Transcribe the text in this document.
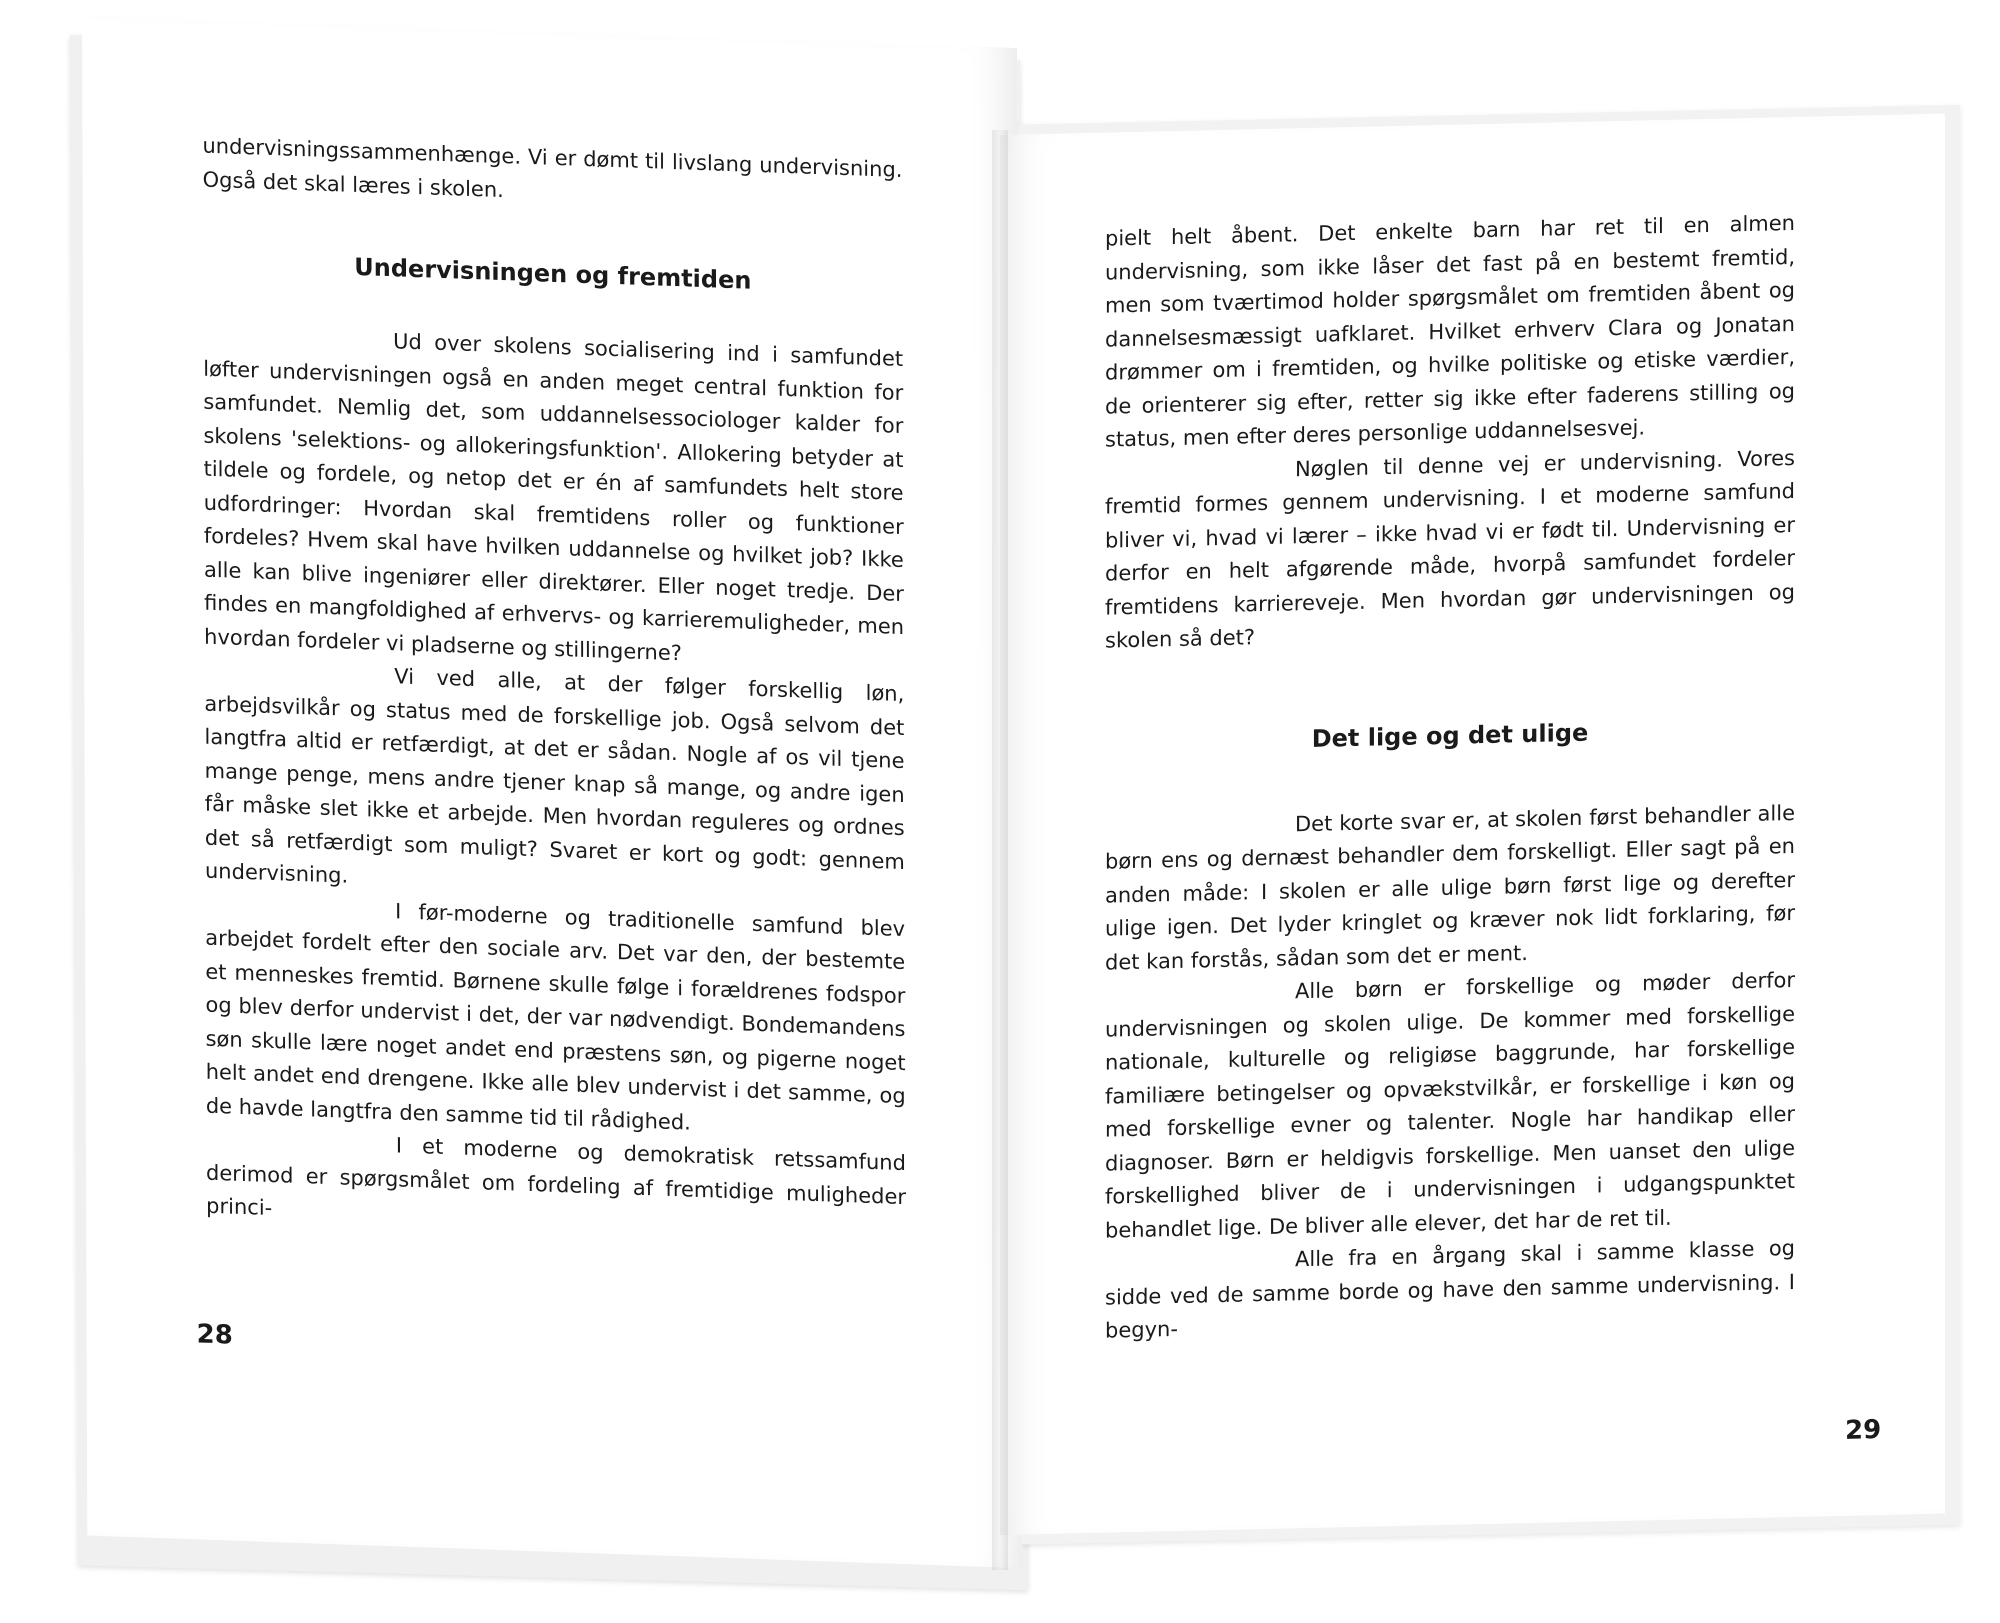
undervisningssammenhænge. Vi er dømt til livslang undervisning. Også det skal læres i skolen.

Undervisningen og fremtiden

Ud over skolens socialisering ind i samfundet løfter undervisningen også en anden meget central funktion for samfundet. Nemlig det, som uddannelsessociologer kalder for skolens 'selektions- og allokeringsfunktion'. Allokering betyder at tildele og fordele, og netop det er én af samfundets helt store udfordringer: Hvordan skal fremtidens roller og funktioner fordeles? Hvem skal have hvilken uddannelse og hvilket job? Ikke alle kan blive ingeniører eller direktører. Eller noget tredje. Der findes en mangfoldighed af erhvervs- og karrieremuligheder, men hvordan fordeler vi pladserne og stillingerne?

Vi ved alle, at der følger forskellig løn, arbejdsvilkår og status med de forskellige job. Også selvom det langtfra altid er retfærdigt, at det er sådan. Nogle af os vil tjene mange penge, mens andre tjener knap så mange, og andre igen får måske slet ikke et arbejde. Men hvordan reguleres og ordnes det så retfærdigt som muligt? Svaret er kort og godt: gennem undervisning.

I før-moderne og traditionelle samfund blev arbejdet fordelt efter den sociale arv. Det var den, der bestemte et menneskes fremtid. Børnene skulle følge i forældrenes fodspor og blev derfor undervist i det, der var nødvendigt. Bondemandens søn skulle lære noget andet end præstens søn, og pigerne noget helt andet end drengene. Ikke alle blev undervist i det samme, og de havde langtfra den samme tid til rådighed.

I et moderne og demokratisk retssamfund derimod er spørgsmålet om fordeling af fremtidige muligheder princi-

28

pielt helt åbent. Det enkelte barn har ret til en almen undervisning, som ikke låser det fast på en bestemt fremtid, men som tværtimod holder spørgsmålet om fremtiden åbent og dannelsesmæssigt uafklaret. Hvilket erhverv Clara og Jonatan drømmer om i fremtiden, og hvilke politiske og etiske værdier, de orienterer sig efter, retter sig ikke efter faderens stilling og status, men efter deres personlige uddannelsesvej.

Nøglen til denne vej er undervisning. Vores fremtid formes gennem undervisning. I et moderne samfund bliver vi, hvad vi lærer – ikke hvad vi er født til. Undervisning er derfor en helt afgørende måde, hvorpå samfundet fordeler fremtidens karriereveje. Men hvordan gør undervisningen og skolen så det?

Det lige og det ulige

Det korte svar er, at skolen først behandler alle børn ens og dernæst behandler dem forskelligt. Eller sagt på en anden måde: I skolen er alle ulige børn først lige og derefter ulige igen. Det lyder kringlet og kræver nok lidt forklaring, før det kan forstås, sådan som det er ment.

Alle børn er forskellige og møder derfor undervisningen og skolen ulige. De kommer med forskellige nationale, kulturelle og religiøse baggrunde, har forskellige familiære betingelser og opvækstvilkår, er forskellige i køn og med forskellige evner og talenter. Nogle har handikap eller diagnoser. Børn er heldigvis forskellige. Men uanset den ulige forskellighed bliver de i undervisningen i udgangspunktet behandlet lige. De bliver alle elever, det har de ret til.

Alle fra en årgang skal i samme klasse og sidde ved de samme borde og have den samme undervisning. I begyn-

29
